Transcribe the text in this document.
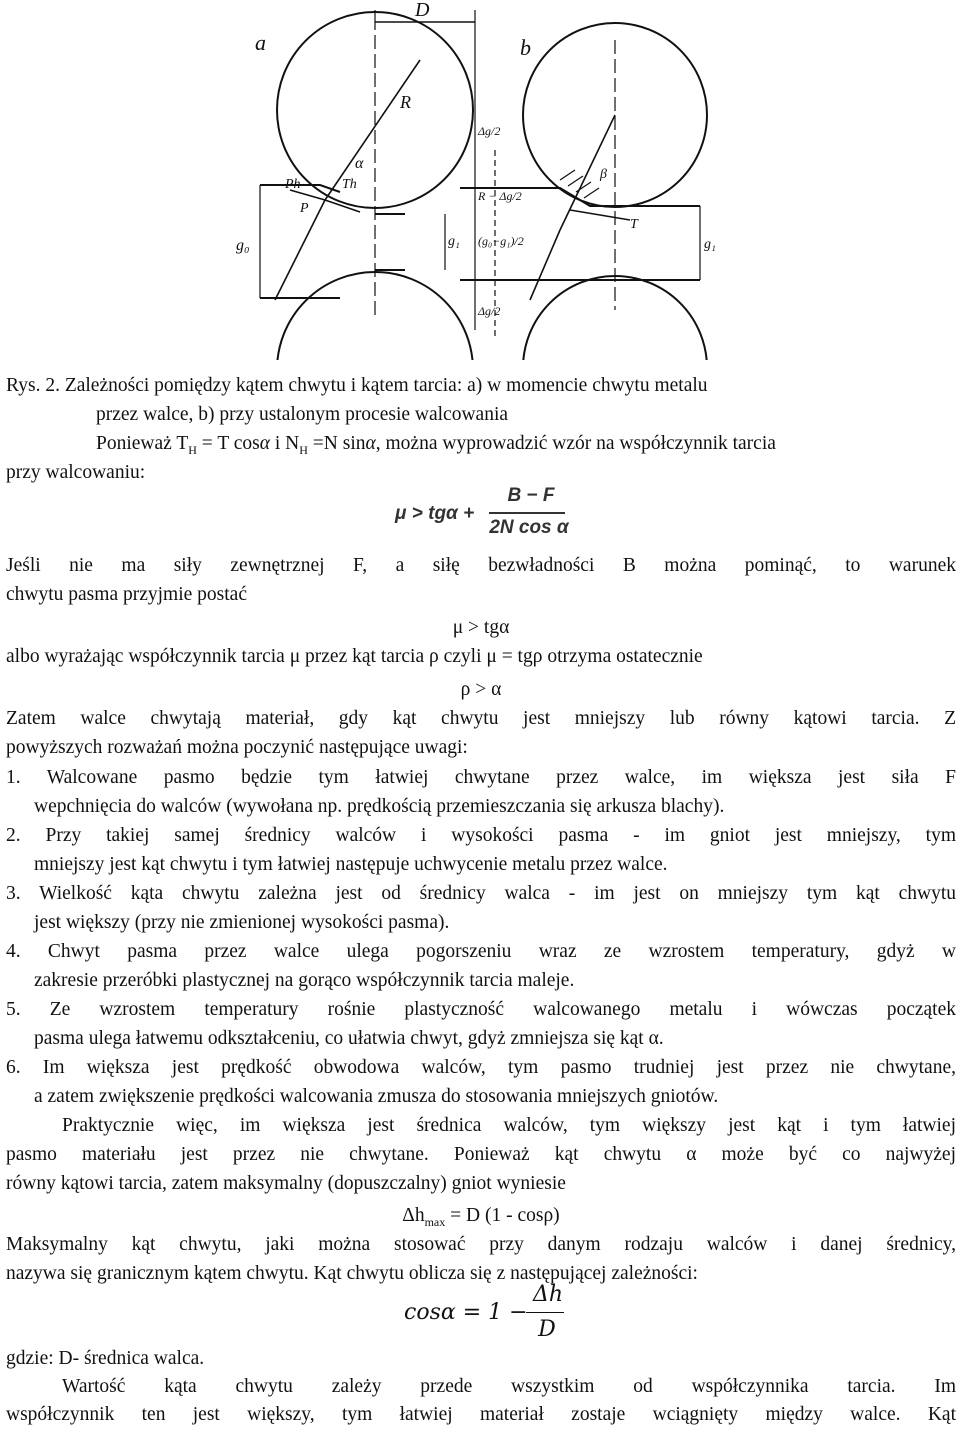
D
a	b
R
α
Ph
P
Th
β
T
g₀	g₁	g₁
Δg/2
R − Δg/2
(g₀−g₁)/2
Δg/2
Rys. 2. Zależności pomiędzy kątem chwytu i kątem tarcia: a) w momencie chwytu metalu
przez walce, b) przy ustalonym procesie walcowania
Ponieważ $T_H = T$ cosα i $N_H =N$ sinα, można wyprowadzić wzór na współczynnik tarcia
przy walcowaniu:
μ > tgα +
B − F
2N cos α
Jeśli nie ma siły zewnętrznej F, a siłę bezwładności B można pominąć, to warunek
chwytu pasma przyjmie postać
μ > tgα
albo wyrażając współczynnik tarcia μ przez kąt tarcia ρ czyli μ = tgρ otrzyma ostatecznie
ρ > α
Zatem walce chwytają materiał, gdy kąt chwytu jest mniejszy lub równy kątowi tarcia. Z
powyższych rozważań można poczynić następujące uwagi:
1. Walcowane pasmo będzie tym łatwiej chwytane przez walce, im większa jest siła F
wepchnięcia do walców (wywołana np. prędkością przemieszczania się arkusza blachy).
2. Przy takiej samej średnicy walców i wysokości pasma - im gniot jest mniejszy, tym
mniejszy jest kąt chwytu i tym łatwiej następuje uchwycenie metalu przez walce.
3. Wielkość kąta chwytu zależna jest od średnicy walca - im jest on mniejszy tym kąt chwytu
jest większy (przy nie zmienionej wysokości pasma).
4. Chwyt pasma przez walce ulega pogorszeniu wraz ze wzrostem temperatury, gdyż w
zakresie przeróbki plastycznej na gorąco współczynnik tarcia maleje.
5. Ze wzrostem temperatury rośnie plastyczność walcowanego metalu i wówczas początek
pasma ulega łatwemu odkształceniu, co ułatwia chwyt, gdyż zmniejsza się kąt α.
6. Im większa jest prędkość obwodowa walców, tym pasmo trudniej jest przez nie chwytane,
a zatem zwiększenie prędkości walcowania zmusza do stosowania mniejszych gniotów.
Praktycznie więc, im większa jest średnica walców, tym większy jest kąt i tym łatwiej
pasmo materiału jest przez nie chwytane. Ponieważ kąt chwytu α może być co najwyżej
równy kątowi tarcia, zatem maksymalny (dopuszczalny) gniot wyniesie
$\Delta h_{max} = D$ (1 - cosρ)
Maksymalny kąt chwytu, jaki można stosować przy danym rodzaju walców i danej średnicy,
nazywa się granicznym kątem chwytu. Kąt chwytu oblicza się z następującej zależności:
cosα = 1 −
Δh
D
gdzie: D- średnica walca.
Wartość kąta chwytu zależy przede wszystkim od współczynnika tarcia. Im
współczynnik ten jest większy, tym łatwiej materiał zostaje wciągnięty między walce. Kąt
